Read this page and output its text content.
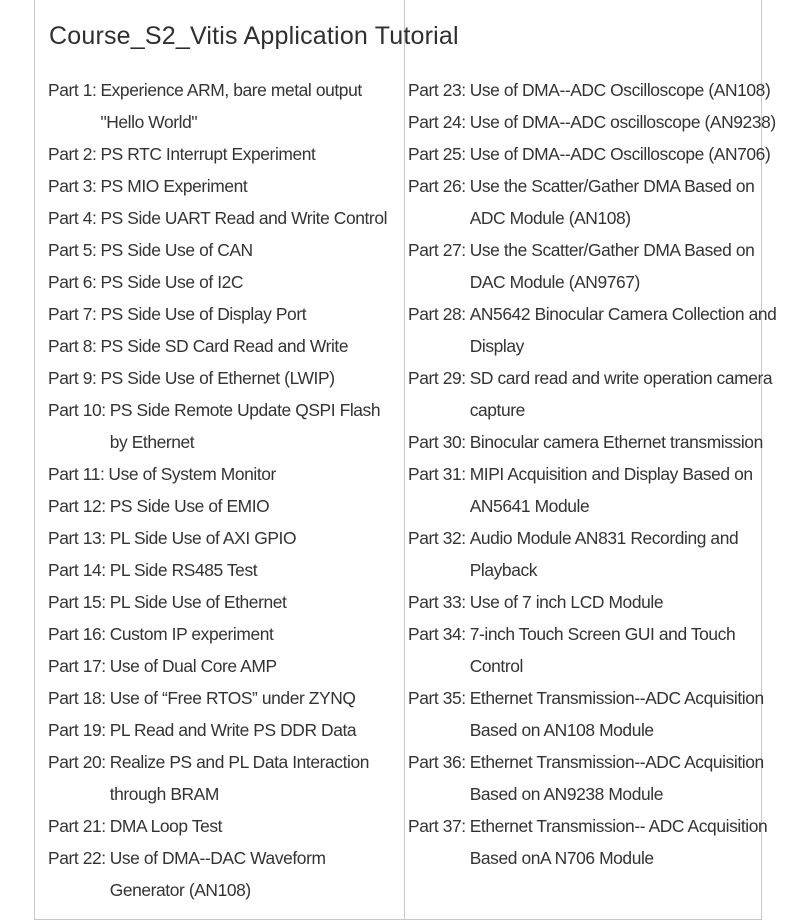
Course_S2_Vitis Application Tutorial
Part 1: Experience ARM, bare metal output "Hello World"
Part 2: PS RTC Interrupt Experiment
Part 3: PS MIO Experiment
Part 4: PS Side UART Read and Write Control
Part 5: PS Side Use of CAN
Part 6: PS Side Use of I2C
Part 7: PS Side Use of Display Port
Part 8: PS Side SD Card Read and Write
Part 9: PS Side Use of Ethernet (LWIP)
Part 10: PS Side Remote Update QSPI Flash by Ethernet
Part 11: Use of System Monitor
Part 12: PS Side Use of EMIO
Part 13: PL Side Use of AXI GPIO
Part 14: PL Side RS485 Test
Part 15: PL Side Use of Ethernet
Part 16: Custom IP experiment
Part 17: Use of Dual Core AMP
Part 18: Use of “Free RTOS” under ZYNQ
Part 19: PL Read and Write PS DDR Data
Part 20: Realize PS and PL Data Interaction through BRAM
Part 21: DMA Loop Test
Part 22: Use of DMA--DAC Waveform Generator (AN108)
Part 23: Use of DMA--ADC Oscilloscope (AN108)
Part 24: Use of DMA--ADC oscilloscope (AN9238)
Part 25: Use of DMA--ADC Oscilloscope (AN706)
Part 26: Use the Scatter/Gather DMA Based on ADC Module (AN108)
Part 27: Use the Scatter/Gather DMA Based on DAC Module (AN9767)
Part 28: AN5642 Binocular Camera Collection and Display
Part 29: SD card read and write operation camera capture
Part 30: Binocular camera Ethernet transmission
Part 31: MIPI Acquisition and Display Based on AN5641 Module
Part 32: Audio Module AN831 Recording and Playback
Part 33: Use of 7 inch LCD Module
Part 34: 7-inch Touch Screen GUI and Touch Control
Part 35: Ethernet Transmission--ADC Acquisition Based on AN108 Module
Part 36: Ethernet Transmission--ADC Acquisition Based on AN9238 Module
Part 37: Ethernet Transmission-- ADC Acquisition Based onA N706 Module
